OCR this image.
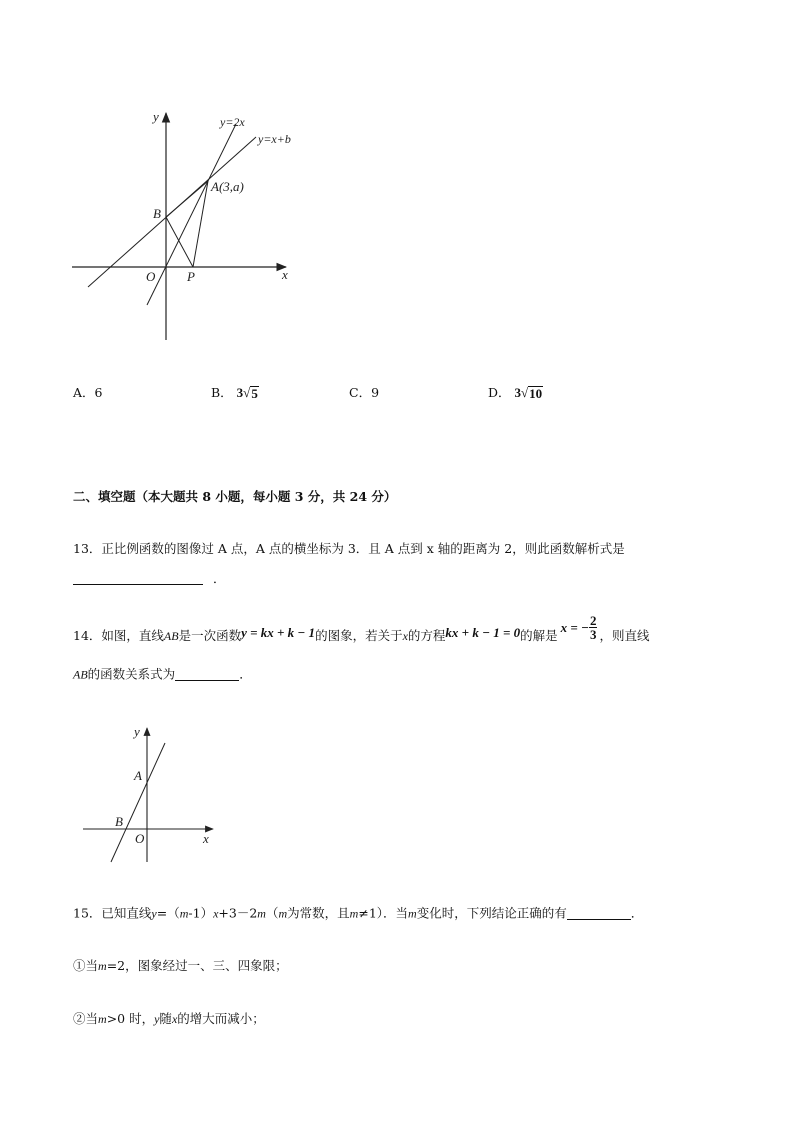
y
x
y=2x
y=x+b
A(3,a)
B
O P
A．6	B． 3 √ 5	C．9	D． 3 √ 10
二、填空题（本大题共 8 小题，每小题 3 分，共 24 分）
13．正比例函数的图像过 A 点，A 点的横坐标为 3．且 A 点到 x 轴的距离为 2，则此函数解析式是
．
14．如图，直线 AB 是一次函数 y = kx + k − 1 的图象，若关于 x 的方程 kx + k − 1 = 0 的解是
x = − $\frac{2}{3}$ ，则直线
AB的函数关系式为	．
y
x
A
B
O
15．已知直线y=（m-1）x+3－2m（m为常数，且m≠1）．当m变化时，下列结论正确的有	．
①当m=2，图象经过一、三、四象限；
②当m>0 时，y随x的增大而减小；
